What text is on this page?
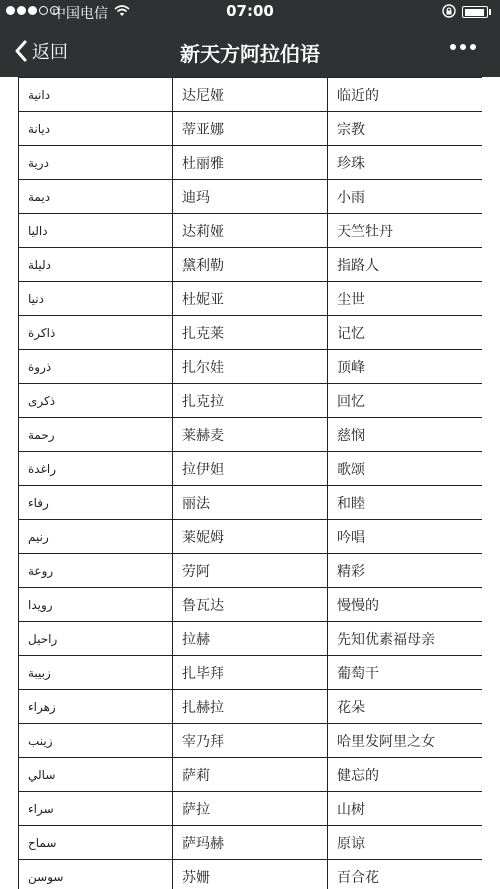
中国电信	07:00
返回	新天方阿拉伯语
دانية	达尼娅	临近的
ديانة	蒂亚娜	宗教
درية	杜丽雅	珍珠
ديمة	迪玛	小雨
داليا	达莉娅	天竺牡丹
دليلة	黛利勒	指路人
دنيا	杜妮亚	尘世
ذاكرة	扎克莱	记忆
ذروة	扎尔娃	顶峰
ذكرى	扎克拉	回忆
رحمة	莱赫麦	慈悯
راغدة	拉伊妲	歌颂
رفاء	丽法	和睦
رنيم	莱妮姆	吟唱
روعة	劳阿	精彩
رويدا	鲁瓦达	慢慢的
راحيل	拉赫	先知优素福母亲
زبيبة	扎毕拜	葡萄干
زهراء	扎赫拉	花朵
زينب	宰乃拜	哈里发阿里之女
سالي	萨莉	健忘的
سراء	萨拉	山树
سماح	萨玛赫	原谅
سوسن	苏姗	百合花
